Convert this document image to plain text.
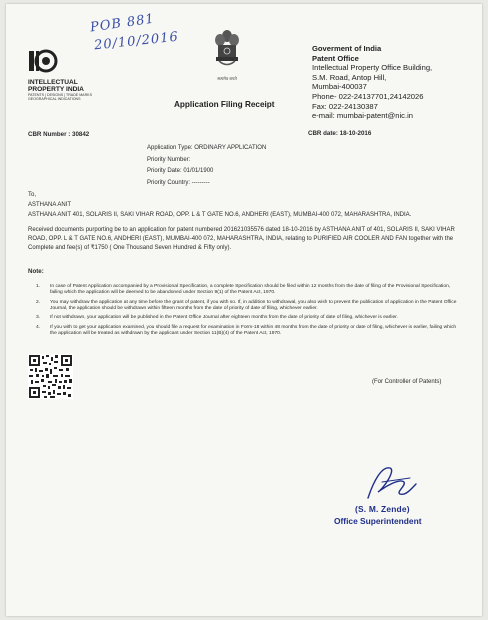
POB 881
20/10/2016
INTELLECTUAL
PROPERTY INDIA
PATENTS | DESIGNS | TRADE MARKS
GEOGRAPHICAL INDICATIONS
सत्यमेव जयते
Application Filing Receipt
Goverment of India
Patent Office
Intellectual Property Office Building,
S.M. Road, Antop Hill,
Mumbai-400037
Phone- 022-24137701,24142026
Fax: 022-24130387
e-mail: mumbai-patent@nic.in
CBR Number : 30842	CBR date: 18-10-2016
Application Type: ORDINARY APPLICATION
Priority Number:
Priority Date: 01/01/1900
Priority Country: ---------
To,
ASTHANA ANIT
ASTHANA ANIT 401, SOLARIS II, SAKI VIHAR ROAD, OPP. L & T GATE NO.6, ANDHERI (EAST), MUMBAI-400 072, MAHARASHTRA, INDIA.
Received documents purporting be to an application for patent numbered 201621035576 dated 18-10-2016 by ASTHANA ANIT of 401, SOLARIS II, SAKI VIHAR ROAD, OPP. L & T GATE NO.6, ANDHERI (EAST), MUMBAI-400 072, MAHARASHTRA, INDIA, relating to PURIFIED AIR COOLER AND FAN together with the Complete and fee(s) of ₹1750 ( One Thousand Seven Hundred & Fifty only).
Note:
1. In case of Patent Application accompanied by a Provisional Specification, a complete Specification should be filed within 12 months from the date of filing of the Provisional Specification, failing which the application will be deemed to be abandoned under Section 9(1) of the Patent Act, 1970.
2. You may withdraw the application at any time before the grant of patent, if you with so. If, in addition to withdrawal, you also wish to prevent the publication of application in the Patent Office Journal, the application should be withdrawn within fifteen months from the date of priority of date of filing, whichever earlier.
3. If not withdrawn, your application will be published in the Patent Office Journal after eighteen months from the date of priority of date of filing, whichever is earlier.
4. If you with to get your application examined, you should file a request for examination in Form-18 within 48 months from the date of priority or date of filing, whichever is earlier, failing which the application will be treated as withdrawn by the applicant under Section 11(B)(4) of the Patent Act, 1970.
(For Controller of Patents)
(S. M. Zende)
Office Superintendent
